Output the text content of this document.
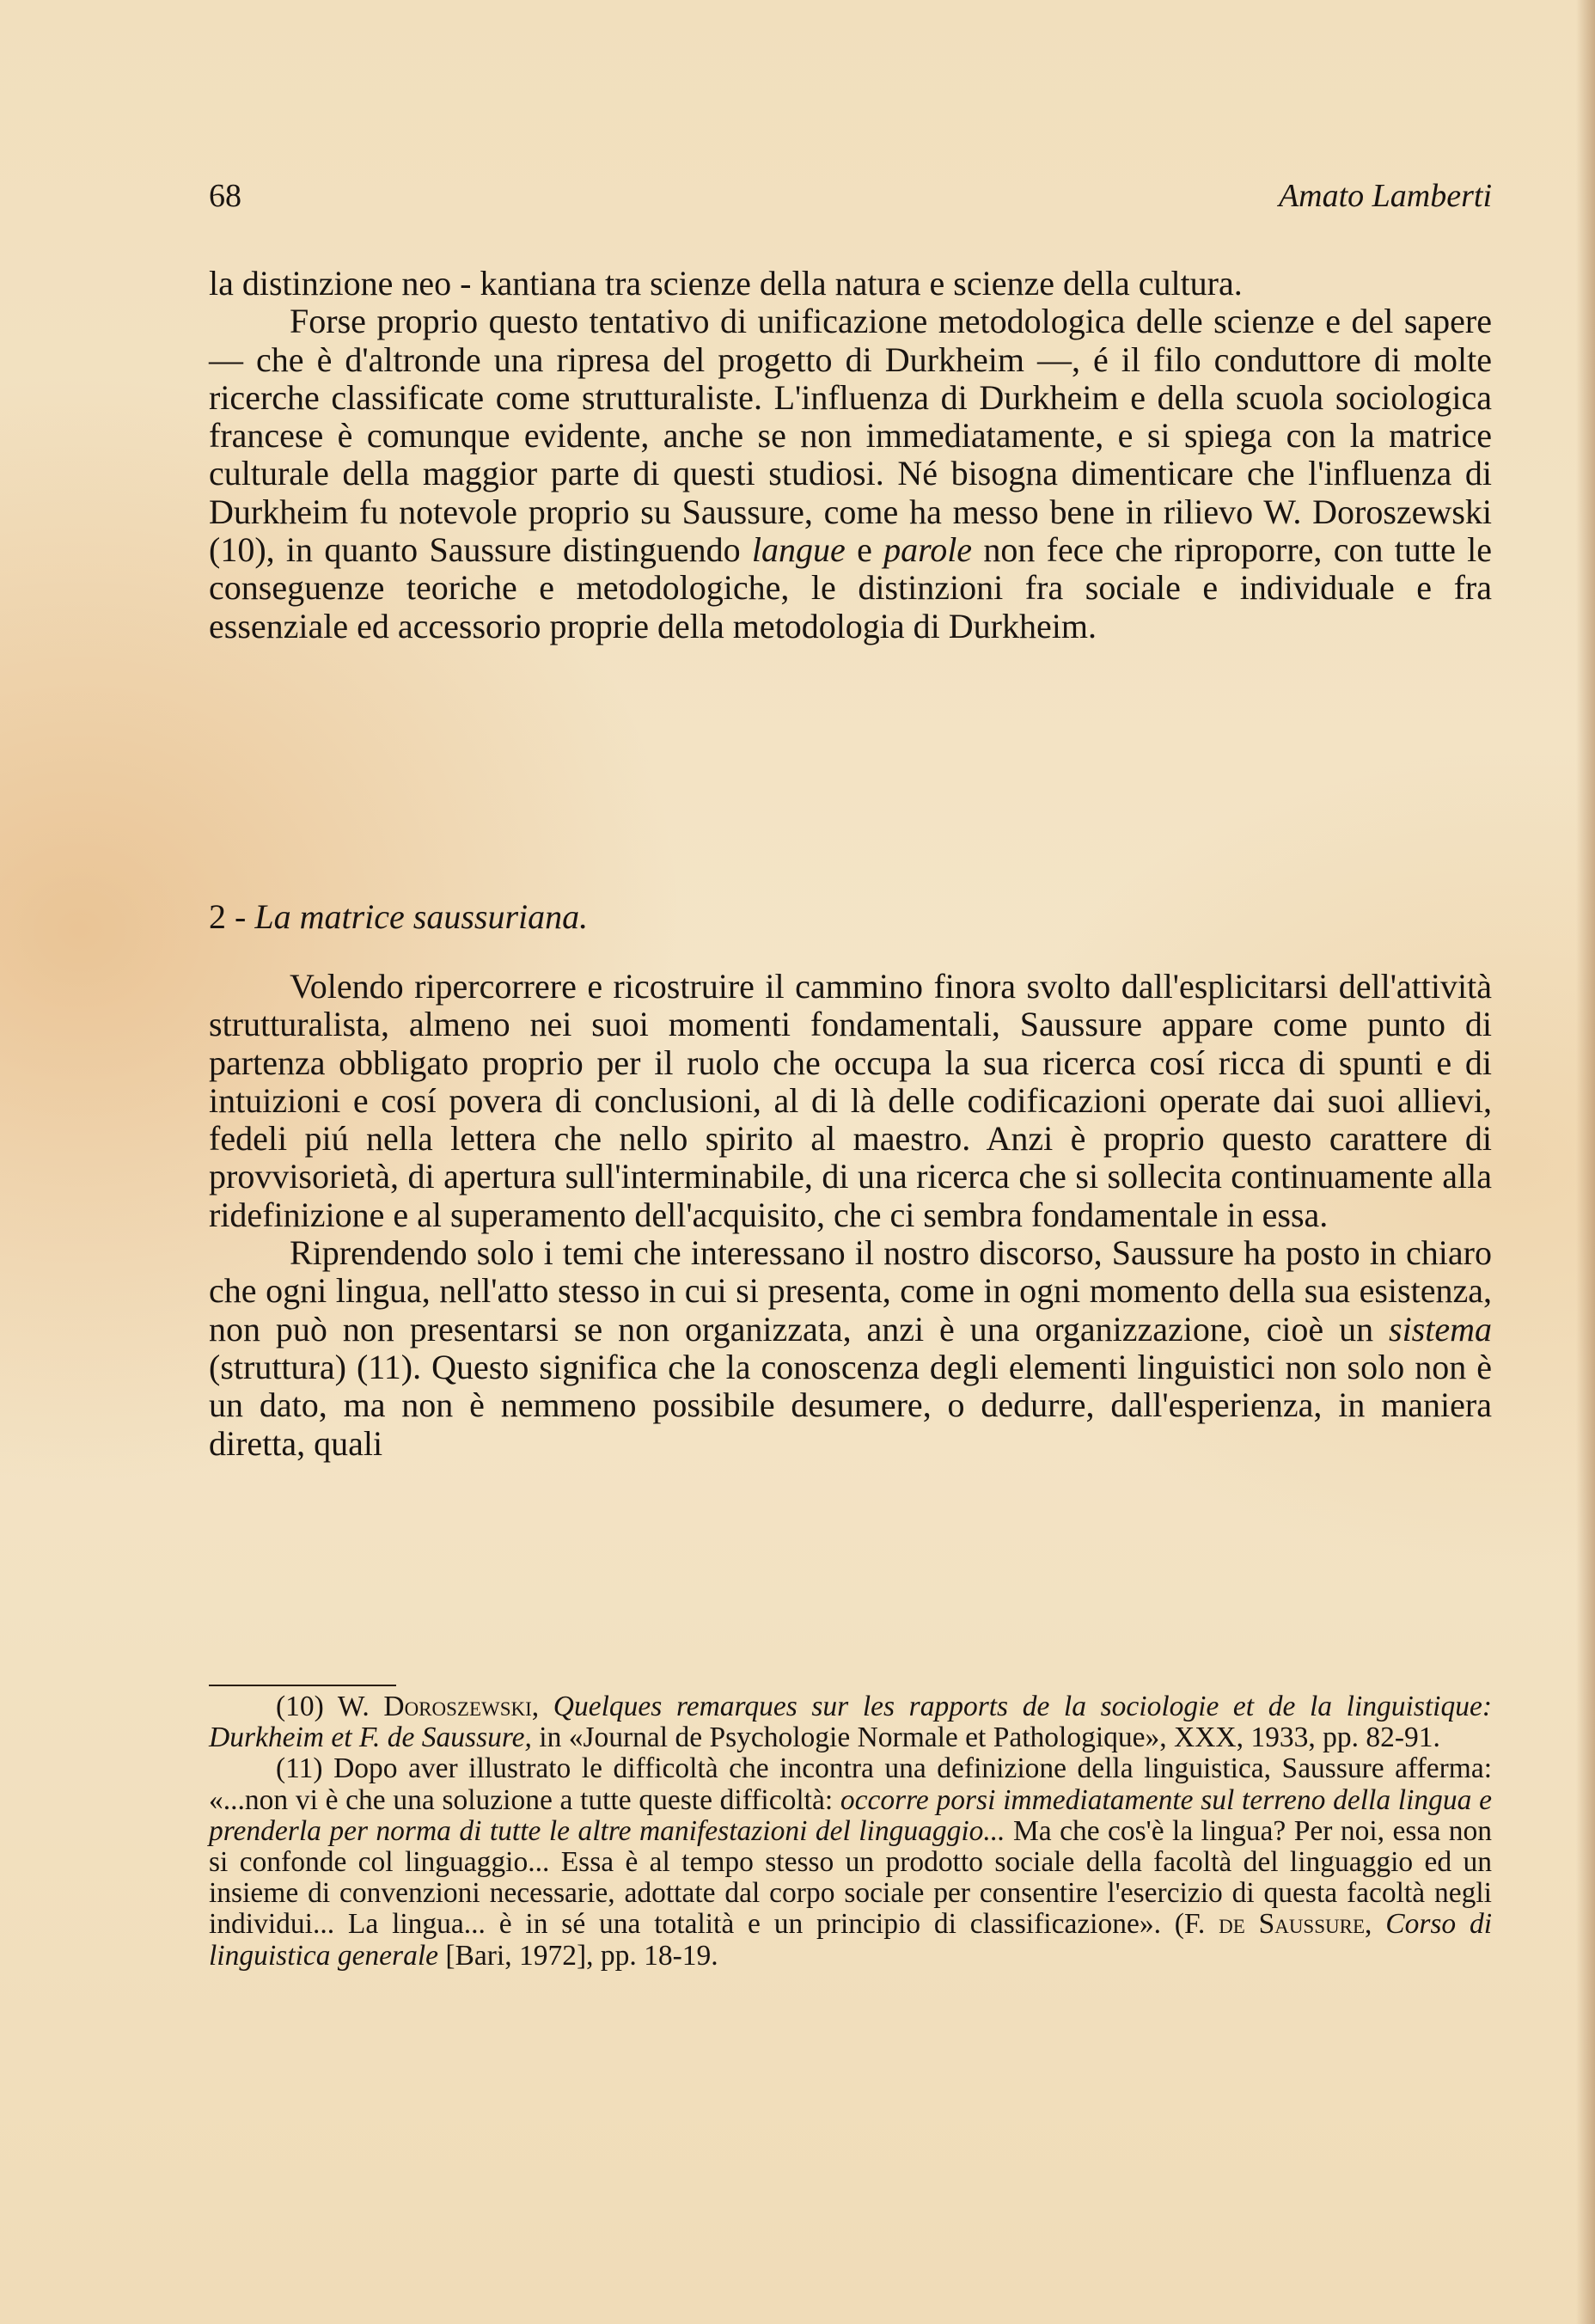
68	Amato Lamberti

la distinzione neo - kantiana tra scienze della natura e scienze della cultura.

Forse proprio questo tentativo di unificazione metodologica delle scienze e del sapere — che è d'altronde una ripresa del progetto di Durkheim —, é il filo conduttore di molte ricerche classificate come strutturaliste. L'influenza di Durkheim e della scuola sociologica francese è comunque evidente, anche se non immediatamente, e si spiega con la matrice culturale della maggior parte di questi studiosi. Né bisogna dimenticare che l'influenza di Durkheim fu notevole proprio su Saussure, come ha messo bene in rilievo W. Doroszewski (10), in quanto Saussure distinguendo langue e parole non fece che riproporre, con tutte le conseguenze teoriche e metodologiche, le distinzioni fra sociale e individuale e fra essenziale ed accessorio proprie della metodologia di Durkheim.

2 - La matrice saussuriana.

Volendo ripercorrere e ricostruire il cammino finora svolto dall'esplicitarsi dell'attività strutturalista, almeno nei suoi momenti fondamentali, Saussure appare come punto di partenza obbligato proprio per il ruolo che occupa la sua ricerca cosí ricca di spunti e di intuizioni e cosí povera di conclusioni, al di là delle codificazioni operate dai suoi allievi, fedeli piú nella lettera che nello spirito al maestro. Anzi è proprio questo carattere di provvisorietà, di apertura sull'interminabile, di una ricerca che si sollecita continuamente alla ridefinizione e al superamento dell'acquisito, che ci sembra fondamentale in essa.

Riprendendo solo i temi che interessano il nostro discorso, Saussure ha posto in chiaro che ogni lingua, nell'atto stesso in cui si presenta, come in ogni momento della sua esistenza, non può non presentarsi se non organizzata, anzi è una organizzazione, cioè un sistema (struttura) (11). Questo significa che la conoscenza degli elementi linguistici non solo non è un dato, ma non è nemmeno possibile desumere, o dedurre, dall'esperienza, in maniera diretta, quali

(10) W. Doroszewski, Quelques remarques sur les rapports de la sociologie et de la linguistique: Durkheim et F. de Saussure, in «Journal de Psychologie Normale et Pathologique», XXX, 1933, pp. 82-91.

(11) Dopo aver illustrato le difficoltà che incontra una definizione della linguistica, Saussure afferma: «...non vi è che una soluzione a tutte queste difficoltà: occorre porsi immediatamente sul terreno della lingua e prenderla per norma di tutte le altre manifestazioni del linguaggio... Ma che cos'è la lingua? Per noi, essa non si confonde col linguaggio... Essa è al tempo stesso un prodotto sociale della facoltà del linguaggio ed un insieme di convenzioni necessarie, adottate dal corpo sociale per consentire l'esercizio di questa facoltà negli individui... La lingua... è in sé una totalità e un principio di classificazione». (F. de Saussure, Corso di linguistica generale [Bari, 1972], pp. 18-19.
